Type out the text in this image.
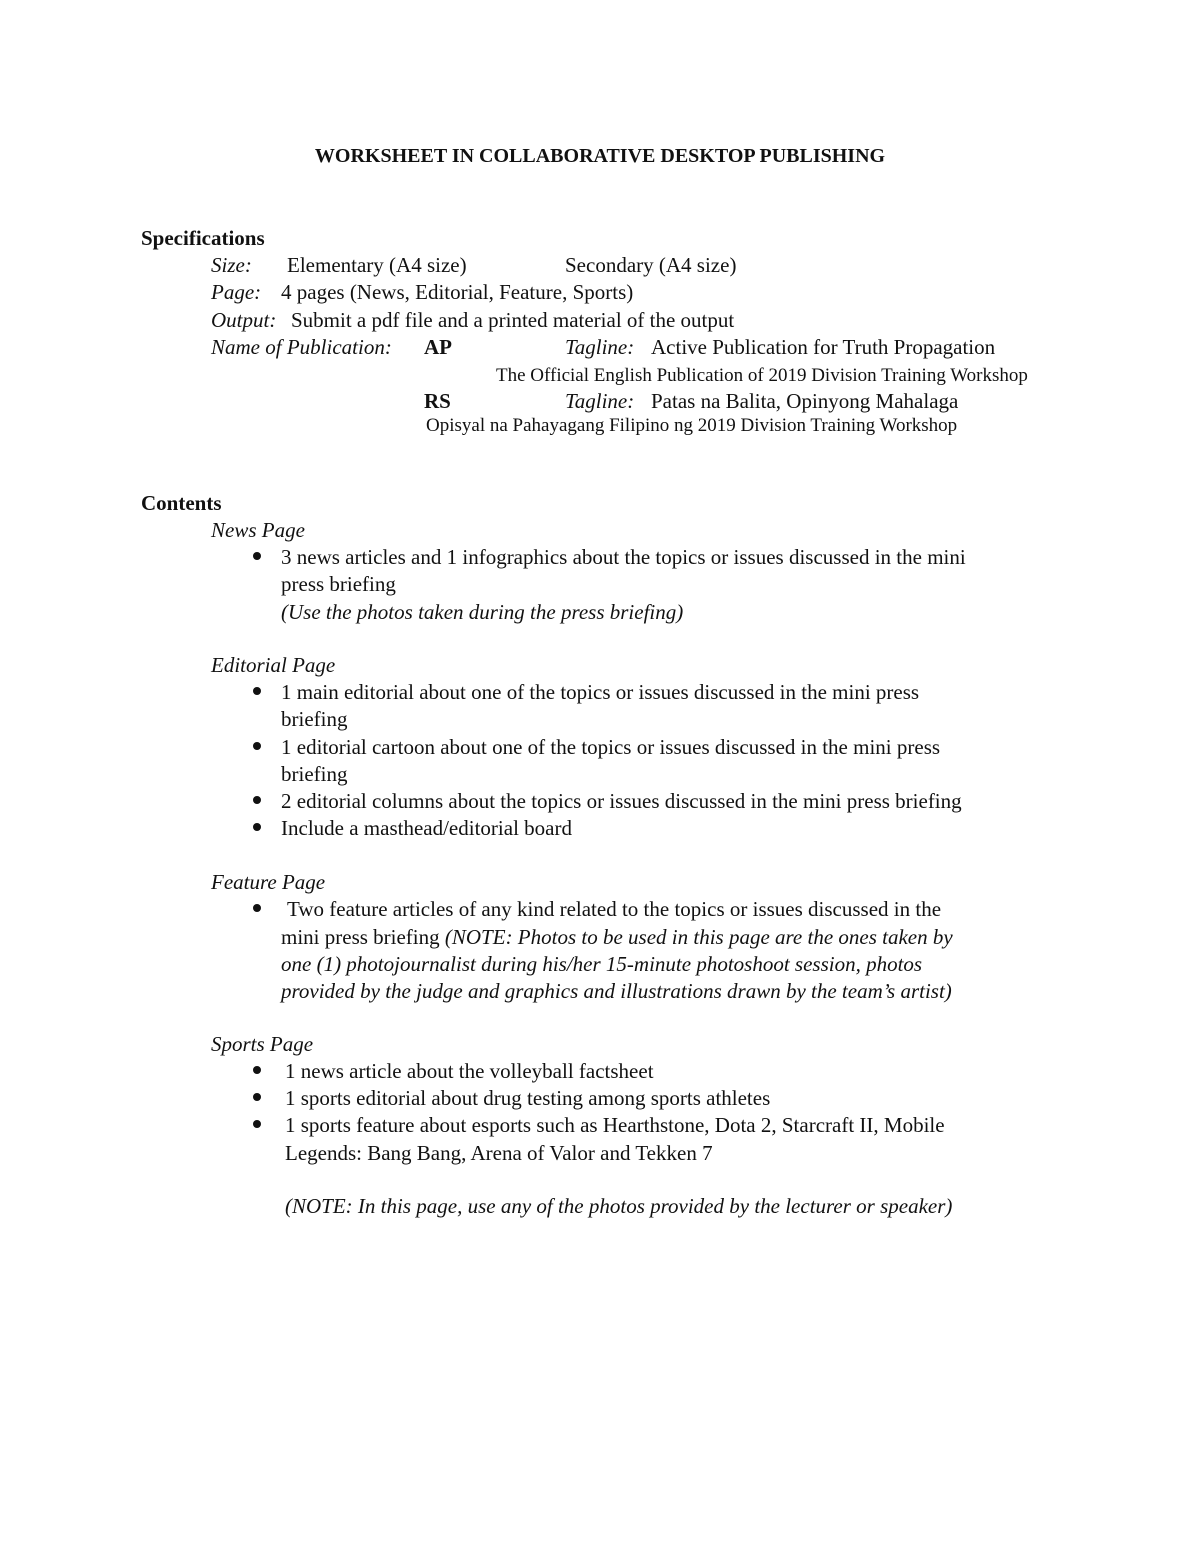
WORKSHEET IN COLLABORATIVE DESKTOP PUBLISHING
Specifications
Size: Elementary (A4 size)	Secondary (A4 size)
Page: 4 pages (News, Editorial, Feature, Sports)
Output: Submit a pdf file and a printed material of the output
Name of Publication: AP	Tagline: Active Publication for Truth Propagation
The Official English Publication of 2019 Division Training Workshop
RS	Tagline: Patas na Balita, Opinyong Mahalaga
Opisyal na Pahayagang Filipino ng 2019 Division Training Workshop
Contents
News Page
3 news articles and 1 infographics about the topics or issues discussed in the mini
press briefing
(Use the photos taken during the press briefing)
Editorial Page
1 main editorial about one of the topics or issues discussed in the mini press
briefing
1 editorial cartoon about one of the topics or issues discussed in the mini press
briefing
2 editorial columns about the topics or issues discussed in the mini press briefing
Include a masthead/editorial board
Feature Page
Two feature articles of any kind related to the topics or issues discussed in the
mini press briefing (NOTE: Photos to be used in this page are the ones taken by
one (1) photojournalist during his/her 15-minute photoshoot session, photos
provided by the judge and graphics and illustrations drawn by the team’s artist)
Sports Page
1 news article about the volleyball factsheet
1 sports editorial about drug testing among sports athletes
1 sports feature about esports such as Hearthstone, Dota 2, Starcraft II, Mobile
Legends: Bang Bang, Arena of Valor and Tekken 7
(NOTE: In this page, use any of the photos provided by the lecturer or speaker)
